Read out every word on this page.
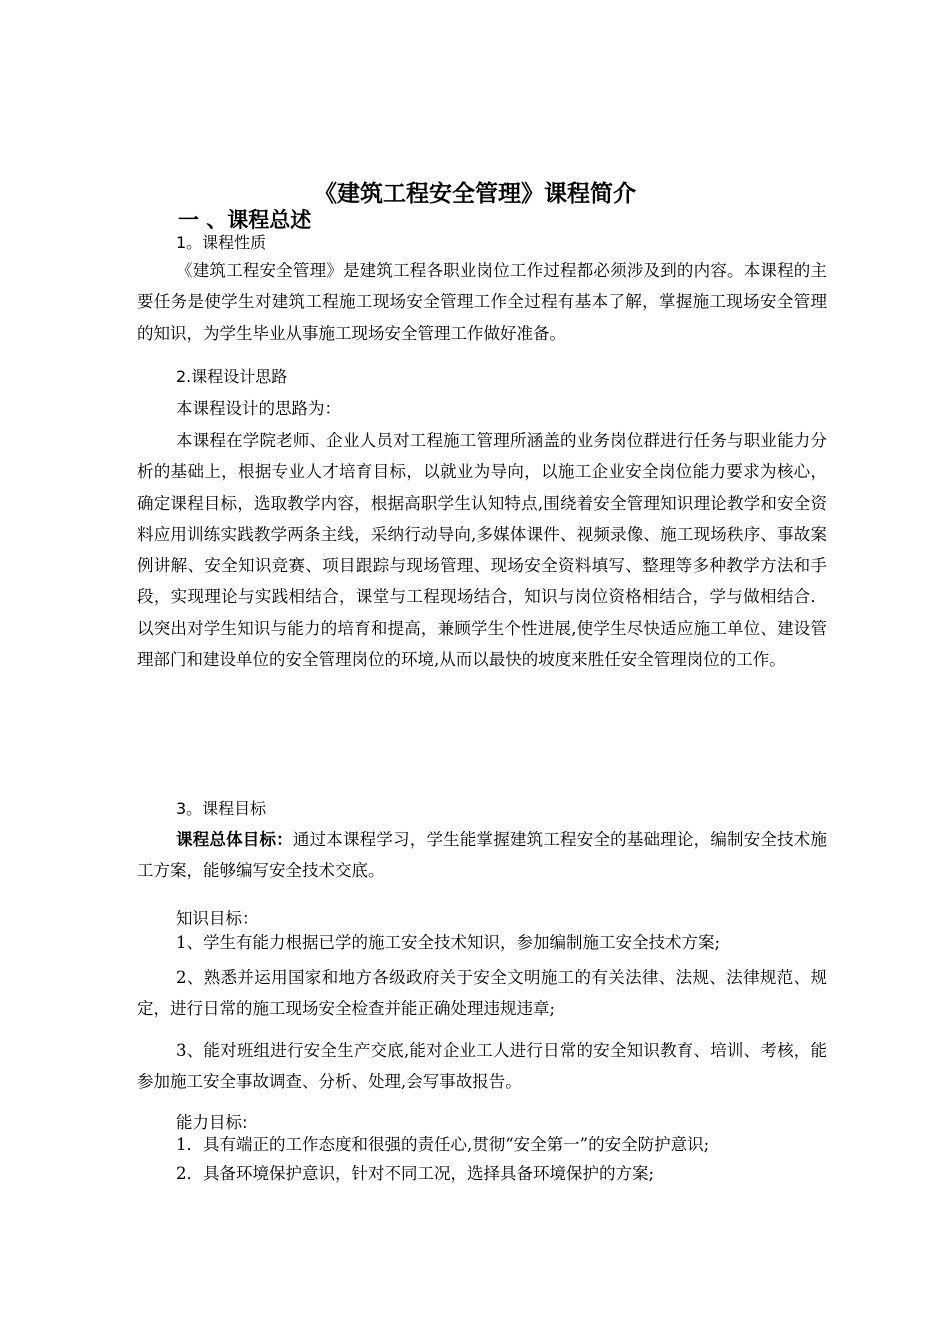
《建筑工程安全管理》课程简介
一 、课程总述
1。课程性质

《建筑工程安全管理》是建筑工程各职业岗位工作过程都必须涉及到的内容。本课程的主要任务是使学生对建筑工程施工现场安全管理工作全过程有基本了解，掌握施工现场安全管理的知识，为学生毕业从事施工现场安全管理工作做好准备。

2.课程设计思路
本课程设计的思路为：

本课程在学院老师、企业人员对工程施工管理所涵盖的业务岗位群进行任务与职业能力分析的基础上，根据专业人才培育目标，以就业为导向，以施工企业安全岗位能力要求为核心，确定课程目标，选取教学内容，根据高职学生认知特点,围绕着安全管理知识理论教学和安全资料应用训练实践教学两条主线，采纳行动导向,多媒体课件、视频录像、施工现场秩序、事故案例讲解、安全知识竞赛、项目跟踪与现场管理、现场安全资料填写、整理等多种教学方法和手段，实现理论与实践相结合，课堂与工程现场结合，知识与岗位资格相结合，学与做相结合．以突出对学生知识与能力的培育和提高，兼顾学生个性进展,使学生尽快适应施工单位、建设管理部门和建设单位的安全管理岗位的环境,从而以最快的坡度来胜任安全管理岗位的工作。

3。课程目标

课程总体目标：通过本课程学习，学生能掌握建筑工程安全的基础理论，编制安全技术施工方案，能够编写安全技术交底。

知识目标：

1、学生有能力根据已学的施工安全技术知识，参加编制施工安全技术方案;

2、熟悉并运用国家和地方各级政府关于安全文明施工的有关法律、法规、法律规范、规定，进行日常的施工现场安全检查并能正确处理违规违章;

3、能对班组进行安全生产交底,能对企业工人进行日常的安全知识教育、培训、考核，能参加施工安全事故调查、分析、处理,会写事故报告。

能力目标:
1．具有端正的工作态度和很强的责任心,贯彻“安全第一”的安全防护意识;
2．具备环境保护意识，针对不同工况，选择具备环境保护的方案;
